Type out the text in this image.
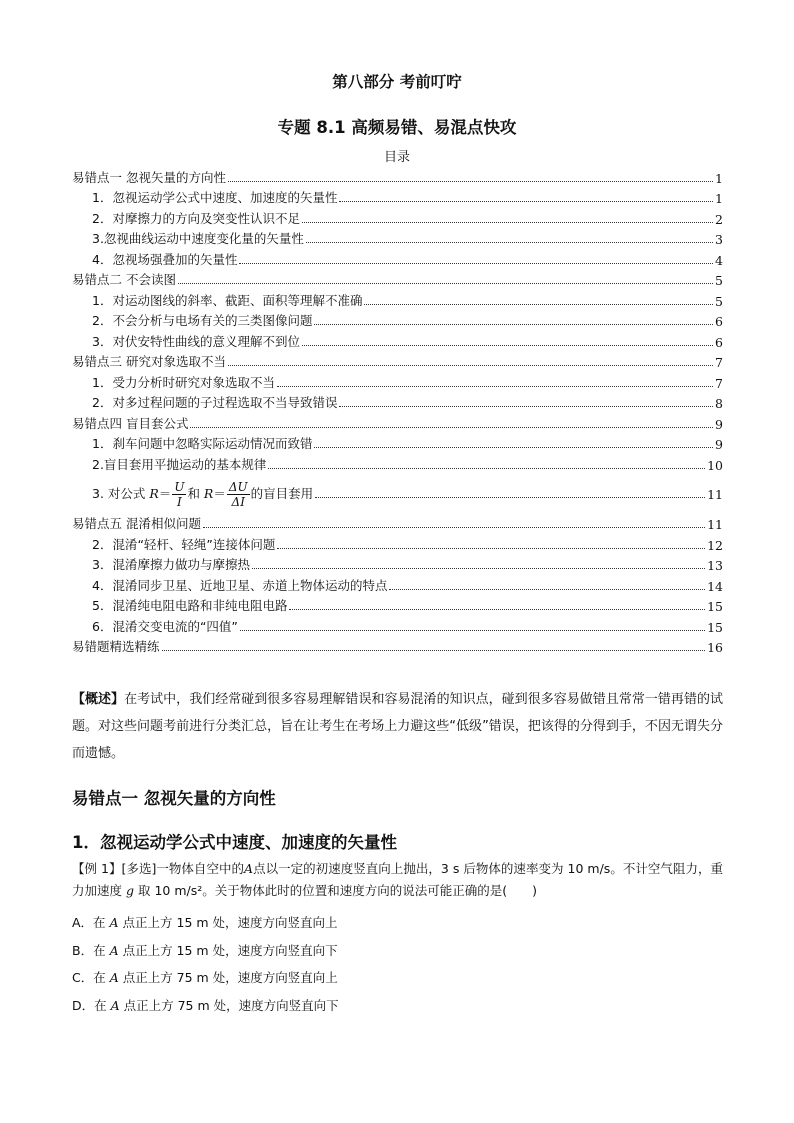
第八部分 考前叮咛
专题 8.1 高频易错、易混点快攻
目录
易错点一 忽视矢量的方向性	1
1．忽视运动学公式中速度、加速度的矢量性	1
2．对摩擦力的方向及突变性认识不足	2
3.忽视曲线运动中速度变化量的矢量性	3
4．忽视场强叠加的矢量性	4
易错点二 不会读图	5
1．对运动图线的斜率、截距、面积等理解不准确	5
2．不会分析与电场有关的三类图像问题	6
3．对伏安特性曲线的意义理解不到位	6
易错点三 研究对象选取不当	7
1．受力分析时研究对象选取不当	7
2．对多过程问题的子过程选取不当导致错误	8
易错点四 盲目套公式	9
1．刹车问题中忽略实际运动情况而致错	9
2.盲目套用平抛运动的基本规律	10
3. 对公式 $R= \frac{U}{I}$ 和 $R= \frac{\Delta U}{\Delta I}$ 的盲目套用	11
易错点五 混淆相似问题	11
2．混淆“轻杆、轻绳”连接体问题	12
3．混淆摩擦力做功与摩擦热	13
4．混淆同步卫星、近地卫星、赤道上物体运动的特点	14
5．混淆纯电阻电路和非纯电阻电路	15
6．混淆交变电流的“四值”	15
易错题精选精练	16
【概述】在考试中，我们经常碰到很多容易理解错误和容易混淆的知识点，碰到很多容易做错且常常一错再错的试题。对这些问题考前进行分类汇总，旨在让考生在考场上力避这些“低级”错误，把该得的分得到手，不因无谓失分而遗憾。
易错点一 忽视矢量的方向性
1．忽视运动学公式中速度、加速度的矢量性
【例 1】[多选]一物体自空中的A点以一定的初速度竖直向上抛出，3 s 后物体的速率变为 10 m/s。不计空气阻力，重力加速度 g 取 10 m/s²。关于物体此时的位置和速度方向的说法可能正确的是(　　)
A．在 A 点正上方 15 m 处，速度方向竖直向上
B．在 A 点正上方 15 m 处，速度方向竖直向下
C．在 A 点正上方 75 m 处，速度方向竖直向上
D．在 A 点正上方 75 m 处，速度方向竖直向下
